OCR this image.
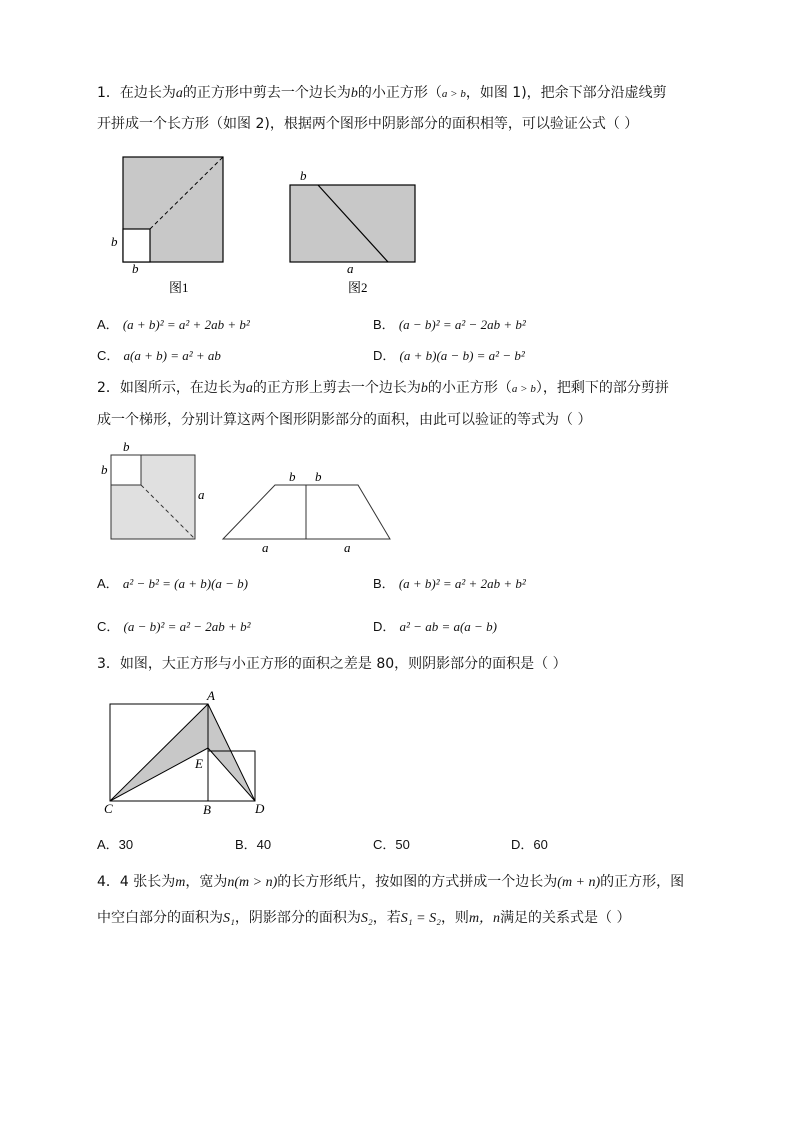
1．在边长为a的正方形中剪去一个边长为b的小正方形（a > b，如图 1)，把余下部分沿虚线剪
开拼成一个长方形（如图 2)，根据两个图形中阴影部分的面积相等，可以验证公式（ ）
b
b
图1
b
a
图2
A． (a + b)² = a² + 2ab + b²	B． (a − b)² = a² − 2ab + b²
C． a(a + b) = a² + ab	D． (a + b)(a − b) = a² − b²
2．如图所示，在边长为a的正方形上剪去一个边长为b的小正方形（a > b），把剩下的部分剪拼
成一个梯形，分别计算这两个图形阴影部分的面积，由此可以验证的等式为（ ）
b
b
a
b b
a	a
A． a² − b² = (a + b)(a − b)	B． (a + b)² = a² + 2ab + b²
C． (a − b)² = a² − 2ab + b²	D． a² − ab = a(a − b)
3．如图，大正方形与小正方形的面积之差是 80，则阴影部分的面积是（ ）
A
E
C	B	D
A．30	B．40	C．50	D．60
4．4 张长为m，宽为n(m > n)的长方形纸片，按如图的方式拼成一个边长为(m + n)的正方形，图
中空白部分的面积为S₁，阴影部分的面积为S₂，若S₁ = S₂，则m，n满足的关系式是（ ）
